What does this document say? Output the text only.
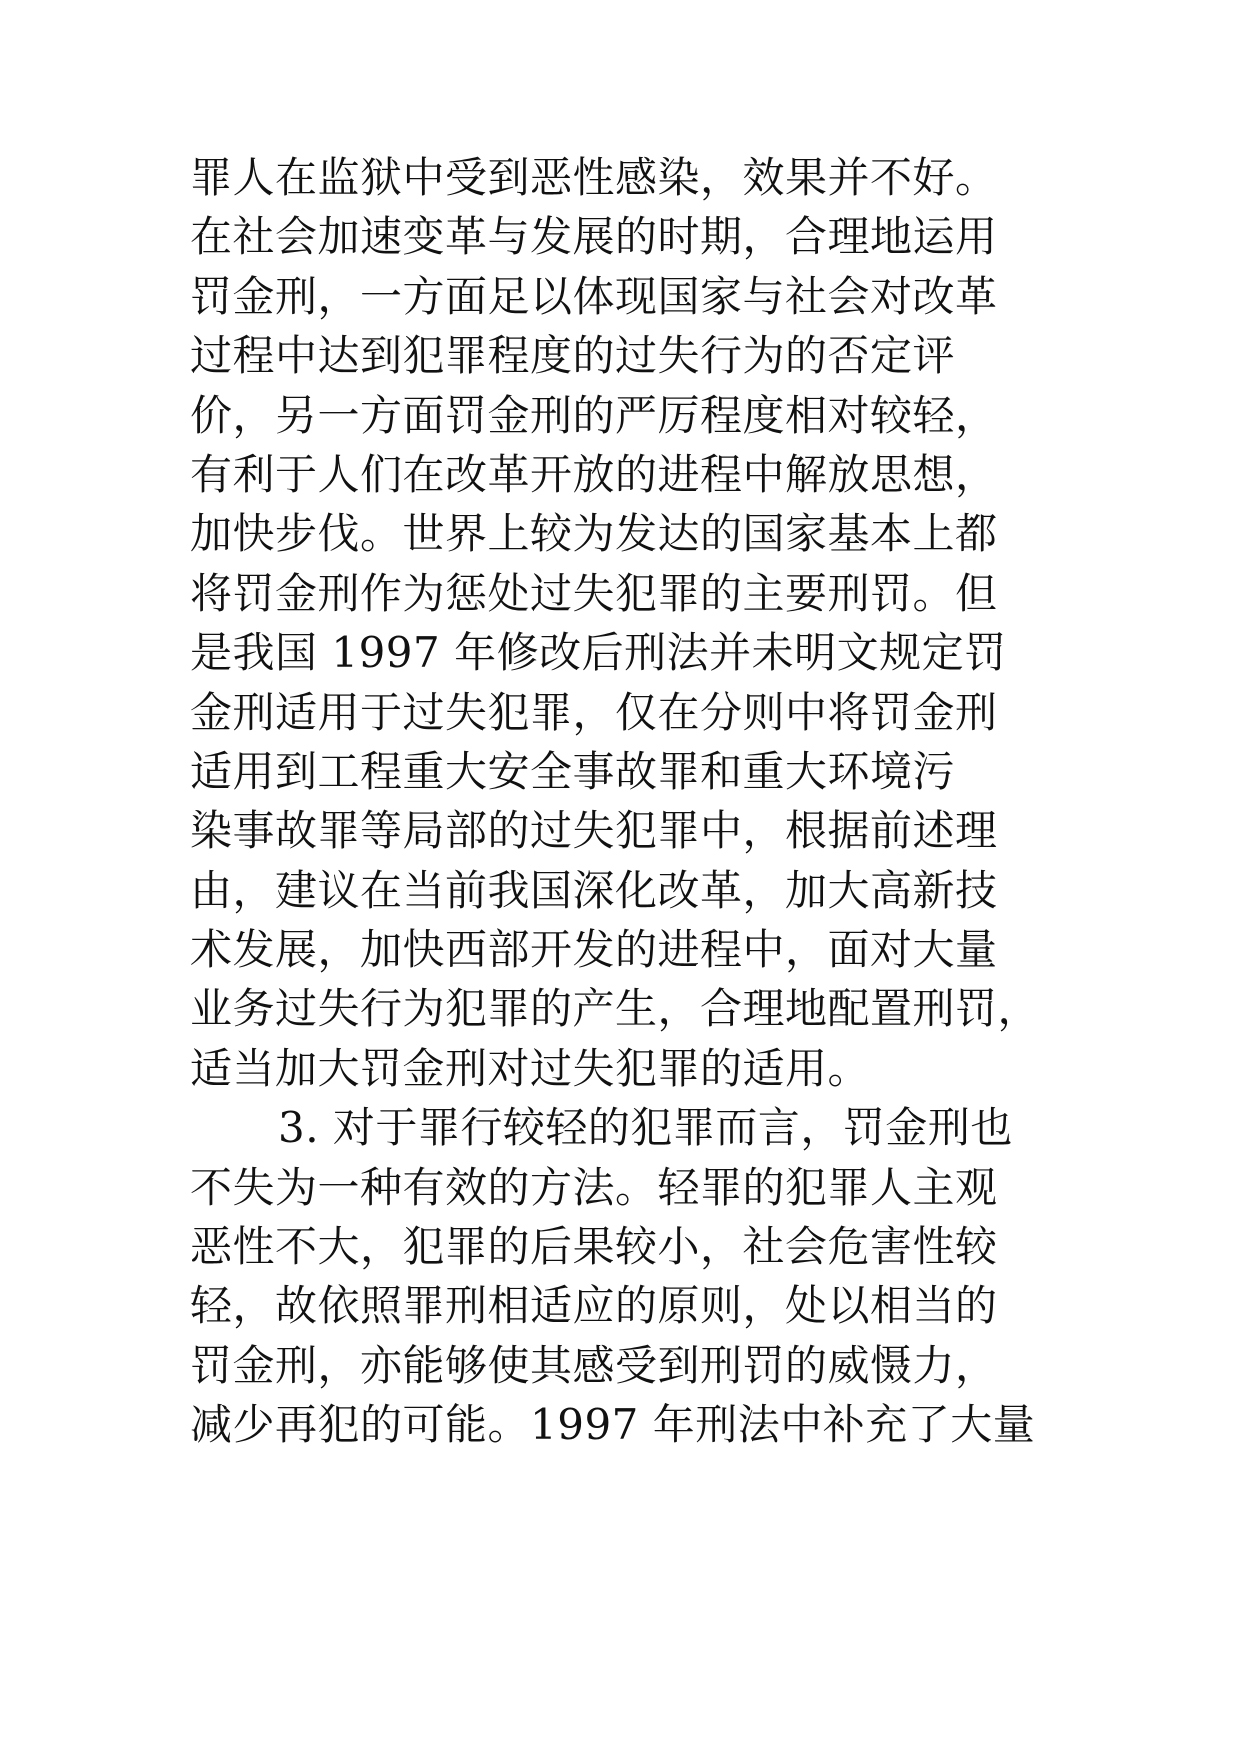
罪人在监狱中受到恶性感染，效果并不好。
在社会加速变革与发展的时期，合理地运用
罚金刑，一方面足以体现国家与社会对改革
过程中达到犯罪程度的过失行为的否定评
价，另一方面罚金刑的严厉程度相对较轻，
有利于人们在改革开放的进程中解放思想，
加快步伐。世界上较为发达的国家基本上都
将罚金刑作为惩处过失犯罪的主要刑罚。但
是我国 1997 年修改后刑法并未明文规定罚
金刑适用于过失犯罪，仅在分则中将罚金刑
适用到工程重大安全事故罪和重大环境污
染事故罪等局部的过失犯罪中，根据前述理
由，建议在当前我国深化改革，加大高新技
术发展，加快西部开发的进程中，面对大量
业务过失行为犯罪的产生，合理地配置刑罚，
适当加大罚金刑对过失犯罪的适用。
3. 对于罪行较轻的犯罪而言，罚金刑也
不失为一种有效的方法。轻罪的犯罪人主观
恶性不大，犯罪的后果较小，社会危害性较
轻，故依照罪刑相适应的原则，处以相当的
罚金刑，亦能够使其感受到刑罚的威慑力，
减少再犯的可能。1997 年刑法中补充了大量
